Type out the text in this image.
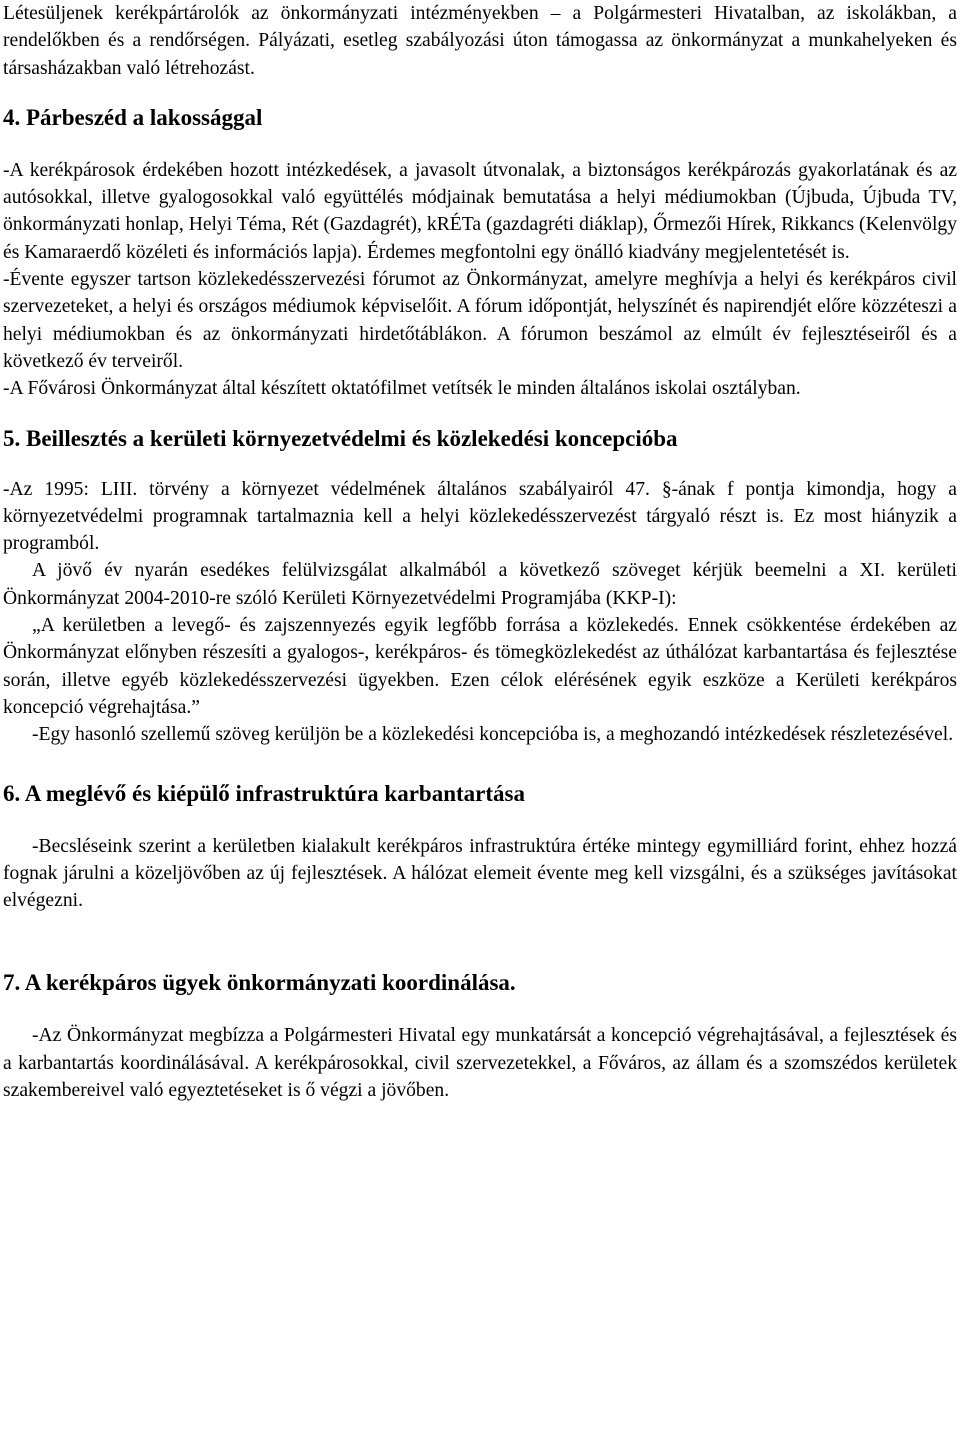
Létesüljenek kerékpártárolók az önkormányzati intézményekben – a Polgármesteri Hivatalban, az iskolákban, a rendelőkben és a rendőrségen. Pályázati, esetleg szabályozási úton támogassa az önkormányzat a munkahelyeken és társasházakban való létrehozást.

4. Párbeszéd a lakossággal

-A kerékpárosok érdekében hozott intézkedések, a javasolt útvonalak, a biztonságos kerékpározás gyakorlatának és az autósokkal, illetve gyalogosokkal való együttélés módjainak bemutatása a helyi médiumokban (Újbuda, Újbuda TV, önkormányzati honlap, Helyi Téma, Rét (Gazdagrét), kRÉTa (gazdagréti diáklap), Őrmezői Hírek, Rikkancs (Kelenvölgy és Kamaraerdő közéleti és információs lapja). Érdemes megfontolni egy önálló kiadvány megjelentetését is.

-Évente egyszer tartson közlekedésszervezési fórumot az Önkormányzat, amelyre meghívja a helyi és kerékpáros civil szervezeteket, a helyi és országos médiumok képviselőit. A fórum időpontját, helyszínét és napirendjét előre közzéteszi a helyi médiumokban és az önkormányzati hirdetőtáblákon. A fórumon beszámol az elmúlt év fejlesztéseiről és a következő év terveiről.

-A Fővárosi Önkormányzat által készített oktatófilmet vetítsék le minden általános iskolai osztályban.

5. Beillesztés a kerületi környezetvédelmi és közlekedési koncepcióba

-Az 1995: LIII. törvény a környezet védelmének általános szabályairól 47. §-ának f pontja kimondja, hogy a környezetvédelmi programnak tartalmaznia kell a helyi közlekedésszervezést tárgyaló részt is. Ez most hiányzik a programból.

A jövő év nyarán esedékes felülvizsgálat alkalmából a következő szöveget kérjük beemelni a XI. kerületi Önkormányzat 2004-2010-re szóló Kerületi Környezetvédelmi Programjába (KKP-I):

„A kerületben a levegő- és zajszennyezés egyik legfőbb forrása a közlekedés. Ennek csökkentése érdekében az Önkormányzat előnyben részesíti a gyalogos-, kerékpáros- és tömegközlekedést az úthálózat karbantartása és fejlesztése során, illetve egyéb közlekedésszervezési ügyekben. Ezen célok elérésének egyik eszköze a Kerületi kerékpáros koncepció végrehajtása.”

-Egy hasonló szellemű szöveg kerüljön be a közlekedési koncepcióba is, a meghozandó intézkedések részletezésével.

6. A meglévő és kiépülő infrastruktúra karbantartása

-Becsléseink szerint a kerületben kialakult kerékpáros infrastruktúra értéke mintegy egymilliárd forint, ehhez hozzá fognak járulni a közeljövőben az új fejlesztések. A hálózat elemeit évente meg kell vizsgálni, és a szükséges javításokat elvégezni.

7. A kerékpáros ügyek önkormányzati koordinálása.

-Az Önkormányzat megbízza a Polgármesteri Hivatal egy munkatársát a koncepció végrehajtásával, a fejlesztések és a karbantartás koordinálásával. A kerékpárosokkal, civil szervezetekkel, a Főváros, az állam és a szomszédos kerületek szakembereivel való egyeztetéseket is ő végzi a jövőben.
